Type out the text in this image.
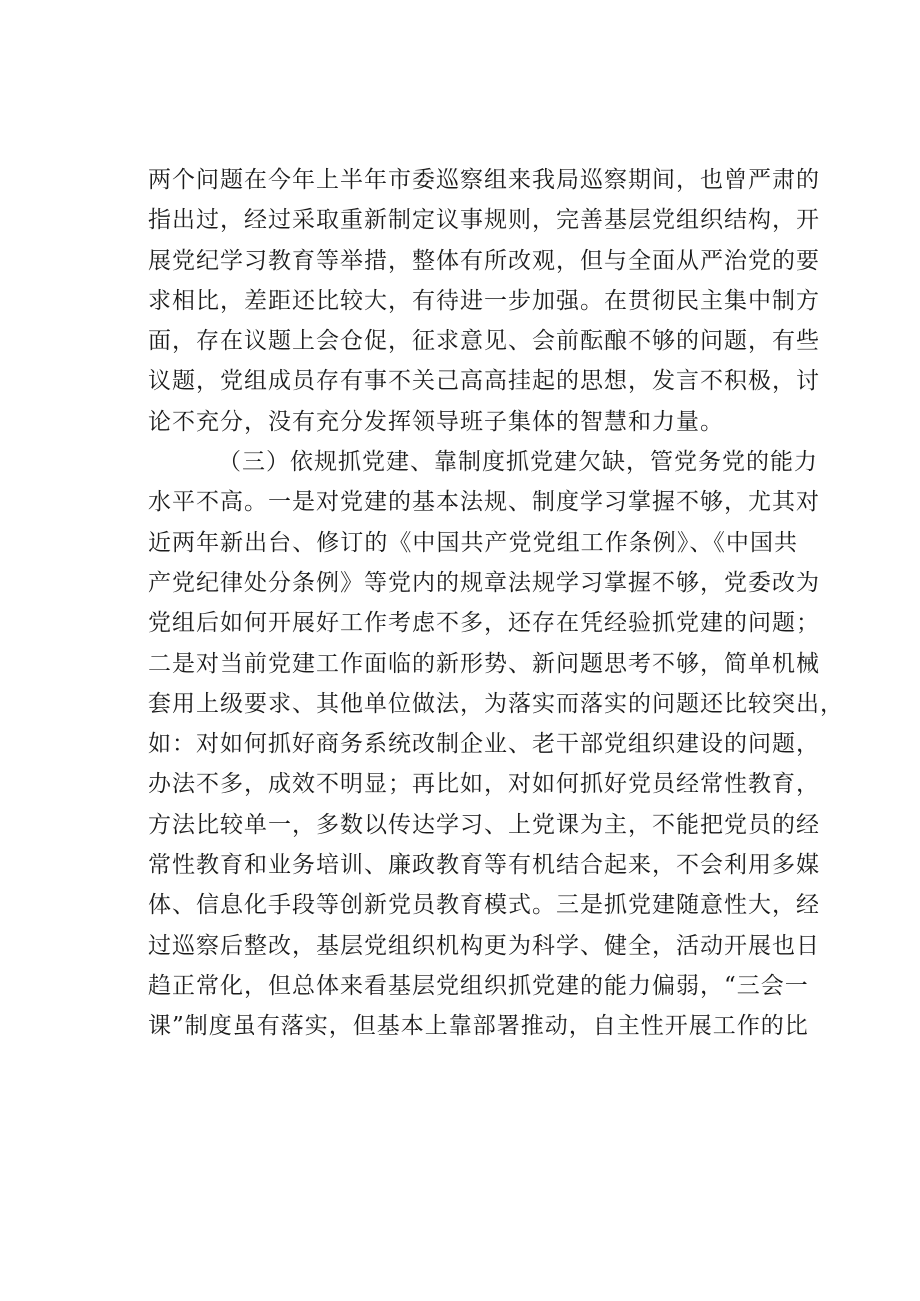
两个问题在今年上半年市委巡察组来我局巡察期间，也曾严肃的
指出过，经过采取重新制定议事规则，完善基层党组织结构，开
展党纪学习教育等举措，整体有所改观，但与全面从严治党的要
求相比，差距还比较大，有待进一步加强。在贯彻民主集中制方
面，存在议题上会仓促，征求意见、会前酝酿不够的问题，有些
议题，党组成员存有事不关己高高挂起的思想，发言不积极，讨
论不充分，没有充分发挥领导班子集体的智慧和力量。
（三）依规抓党建、靠制度抓党建欠缺，管党务党的能力
水平不高。一是对党建的基本法规、制度学习掌握不够，尤其对
近两年新出台、修订的《中国共产党党组工作条例》、《中国共
产党纪律处分条例》等党内的规章法规学习掌握不够，党委改为
党组后如何开展好工作考虑不多，还存在凭经验抓党建的问题；
二是对当前党建工作面临的新形势、新问题思考不够，简单机械
套用上级要求、其他单位做法，为落实而落实的问题还比较突出，
如：对如何抓好商务系统改制企业、老干部党组织建设的问题，
办法不多，成效不明显；再比如，对如何抓好党员经常性教育，
方法比较单一，多数以传达学习、上党课为主，不能把党员的经
常性教育和业务培训、廉政教育等有机结合起来，不会利用多媒
体、信息化手段等创新党员教育模式。三是抓党建随意性大，经
过巡察后整改，基层党组织机构更为科学、健全，活动开展也日
趋正常化，但总体来看基层党组织抓党建的能力偏弱，“三会一
课”制度虽有落实，但基本上靠部署推动，自主性开展工作的比
